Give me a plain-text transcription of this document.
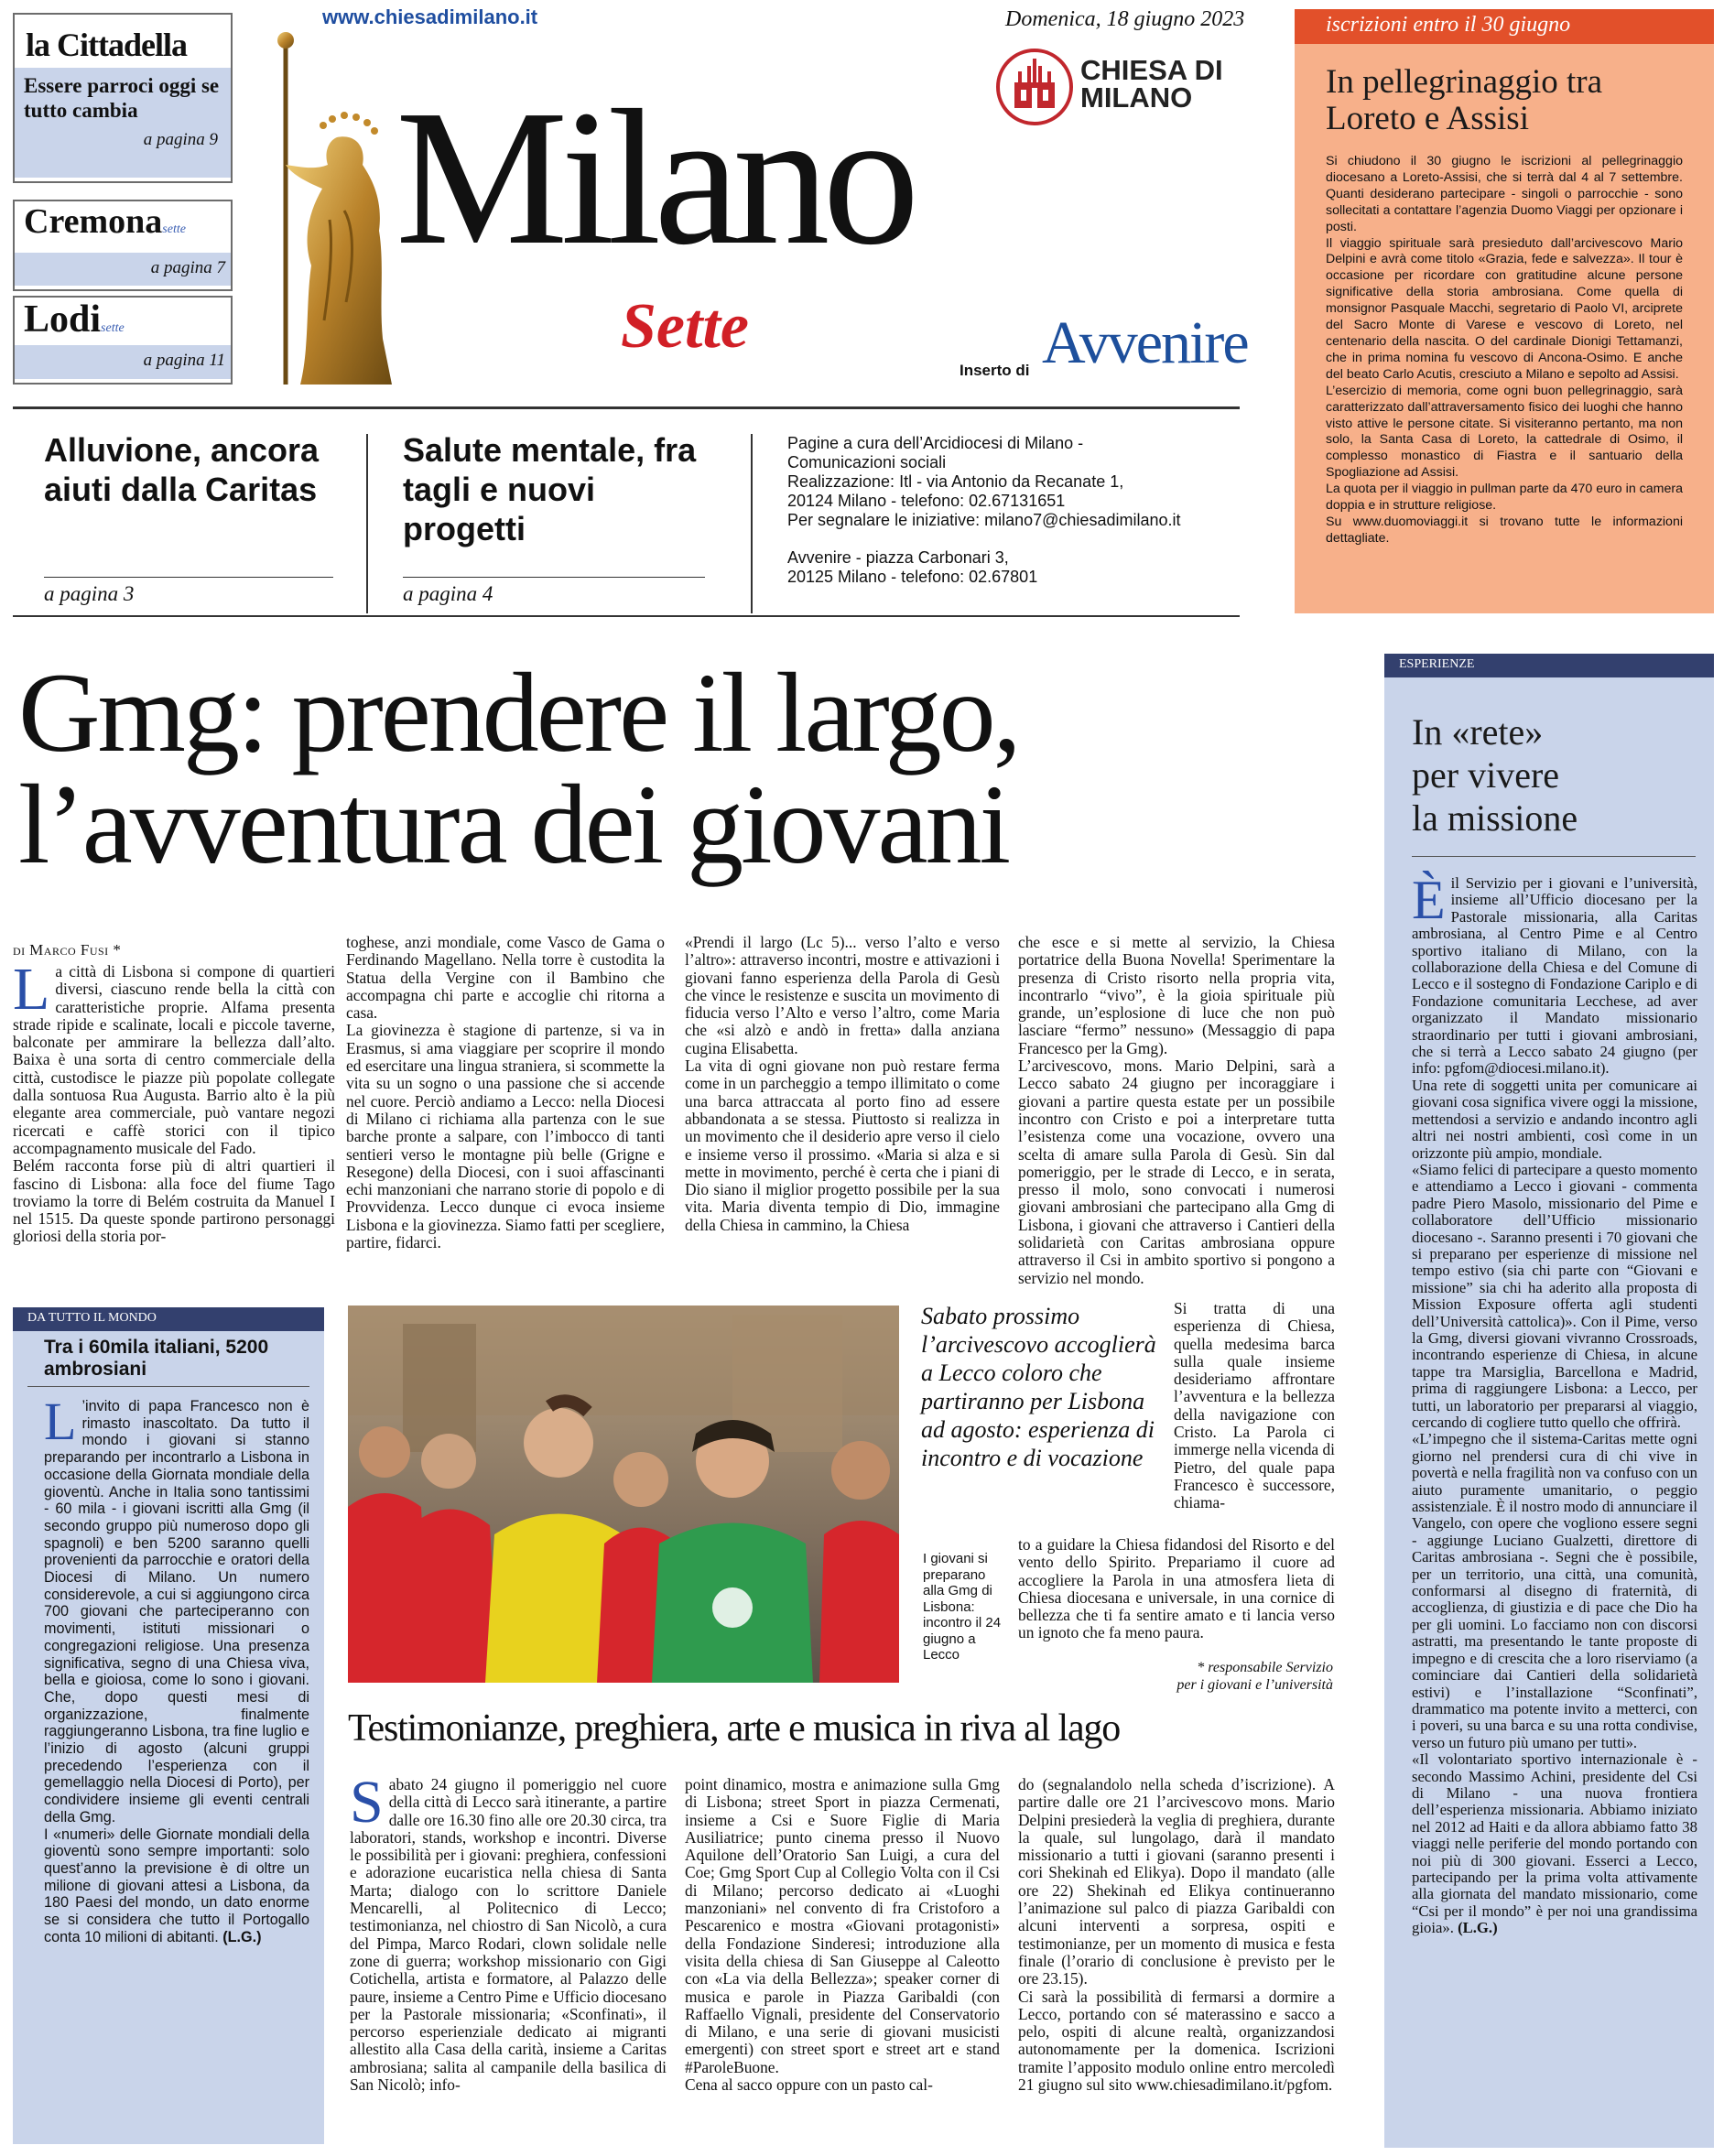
la Cittadella
Essere parroci oggi se tutto cambia
a pagina 9
Cremonasette
a pagina 7
Lodisette
a pagina 11
www.chiesadimilano.it	Domenica, 18 giugno 2023
Milano
Sette
CHIESA DI
MILANO
Inserto di Avvenire
Alluvione, ancora aiuti dalla Caritas
a pagina 3
Salute mentale, fra tagli e nuovi progetti
a pagina 4
Pagine a cura dell’Arcidiocesi di Milano -
Comunicazioni sociali
Realizzazione: Itl - via Antonio da Recanate 1,
20124 Milano - telefono: 02.67131651
Per segnalare le iniziative: milano7@chiesadimilano.it
Avvenire - piazza Carbonari 3,
20125 Milano - telefono: 02.67801
iscrizioni entro il 30 giugno
In pellegrinaggio tra Loreto e Assisi
Si chiudono il 30 giugno le iscrizioni al pellegrinaggio diocesano a Loreto-Assisi, che si terrà dal 4 al 7 settembre. Quanti desiderano partecipare - singoli o parrocchie - sono sollecitati a contattare l’agenzia Duomo Viaggi per opzionare i posti.
Il viaggio spirituale sarà presieduto dall’arcivescovo Mario Delpini e avrà come titolo «Grazia, fede e salvezza». Il tour è occasione per ricordare con gratitudine alcune persone significative della storia ambrosiana. Come quella di monsignor Pasquale Macchi, segretario di Paolo VI, arciprete del Sacro Monte di Varese e vescovo di Loreto, nel centenario della nascita. O del cardinale Dionigi Tettamanzi, che in prima nomina fu vescovo di Ancona-Osimo. E anche del beato Carlo Acutis, cresciuto a Milano e sepolto ad Assisi.
L’esercizio di memoria, come ogni buon pellegrinaggio, sarà caratterizzato dall’attraversamento fisico dei luoghi che hanno visto attive le persone citate. Si visiteranno pertanto, ma non solo, la Santa Casa di Loreto, la cattedrale di Osimo, il complesso monastico di Fiastra e il santuario della Spogliazione ad Assisi.
La quota per il viaggio in pullman parte da 470 euro in camera doppia e in strutture religiose.
Su www.duomoviaggi.it si trovano tutte le informazioni dettagliate.
Gmg: prendere il largo,
l’avventura dei giovani
DI Marco Fusi *
La città di Lisbona si compone di quartieri diversi, ciascuno rende bella la città con caratteristiche proprie. Alfama presenta strade ripide e scalinate, locali e piccole taverne, balconate per ammirare la bellezza dall’alto. Baixa è una sorta di centro commerciale della città, custodisce le piazze più popolate collegate dalla sontuosa Rua Augusta. Barrio alto è la più elegante area commerciale, può vantare negozi ricercati e caffè storici con il tipico accompagnamento musicale del Fado.
Belém racconta forse più di altri quartieri il fascino di Lisbona: alla foce del fiume Tago troviamo la torre di Belém costruita da Manuel I nel 1515. Da queste sponde partirono personaggi gloriosi della storia por-
toghese, anzi mondiale, come Vasco de Gama o Ferdinando Magellano. Nella torre è custodita la Statua della Vergine con il Bambino che accompagna chi parte e accoglie chi ritorna a casa.
La giovinezza è stagione di partenze, si va in Erasmus, si ama viaggiare per scoprire il mondo ed esercitare una lingua straniera, si scommette la vita su un sogno o una passione che si accende nel cuore. Perciò andiamo a Lecco: nella Diocesi di Milano ci richiama alla partenza con le sue barche pronte a salpare, con l’imbocco di tanti sentieri verso le montagne più belle (Grigne e Resegone) della Diocesi, con i suoi affascinanti echi manzoniani che narrano storie di popolo e di Provvidenza. Lecco dunque ci evoca insieme Lisbona e la giovinezza. Siamo fatti per scegliere, partire, fidarci.
«Prendi il largo (Lc 5)... verso l’alto e verso l’altro»: attraverso incontri, mostre e attivazioni i giovani fanno esperienza della Parola di Gesù che vince le resistenze e suscita un movimento di fiducia verso l’Alto e verso l’altro, come Maria che «si alzò e andò in fretta» dalla anziana cugina Elisabetta.
La vita di ogni giovane non può restare ferma come in un parcheggio a tempo illimitato o come una barca attraccata al porto fino ad essere abbandonata a se stessa. Piuttosto si realizza in un movimento che il desiderio apre verso il cielo e insieme verso il prossimo. «Maria si alza e si mette in movimento, perché è certa che i piani di Dio siano il miglior progetto possibile per la sua vita. Maria diventa tempio di Dio, immagine della Chiesa in cammino, la Chiesa
che esce e si mette al servizio, la Chiesa portatrice della Buona Novella! Sperimentare la presenza di Cristo risorto nella propria vita, incontrarlo “vivo”, è la gioia spirituale più grande, un’esplosione di luce che non può lasciare “fermo” nessuno» (Messaggio di papa Francesco per la Gmg).
L’arcivescovo, mons. Mario Delpini, sarà a Lecco sabato 24 giugno per incoraggiare i giovani a partire questa estate per un possibile incontro con Cristo e poi a interpretare tutta l’esistenza come una vocazione, ovvero una scelta di amare sulla Parola di Gesù. Sin dal pomeriggio, per le strade di Lecco, e in serata, presso il molo, sono convocati i numerosi giovani ambrosiani che partecipano alla Gmg di Lisbona, i giovani che attraverso i Cantieri della solidarietà con Caritas ambrosiana oppure attraverso il Csi in ambito sportivo si pongono a servizio nel mondo.
Si tratta di una esperienza di Chiesa, quella medesima barca sulla quale insieme desideriamo affrontare l’avventura e la bellezza della navigazione con Cristo. La Parola ci immerge nella vicenda di Pietro, del quale papa Francesco è successore, chiama-
to a guidare la Chiesa fidandosi del Risorto e del vento dello Spirito. Prepariamo il cuore ad accogliere la Parola in una atmosfera lieta di Chiesa diocesana e universale, in una cornice di bellezza che ti fa sentire amato e ti lancia verso un ignoto che fa meno paura.
Sabato prossimo l’arcivescovo accoglierà a Lecco coloro che partiranno per Lisbona ad agosto: esperienza di incontro e di vocazione
I giovani si preparano alla Gmg di Lisbona: incontro il 24 giugno a Lecco
* responsabile Servizio
per i giovani e l’università
DA TUTTO IL MONDO
Tra i 60mila italiani, 5200 ambrosiani
L ’invito di papa Francesco non è rimasto inascoltato. Da tutto il mondo i giovani si stanno preparando per incontrarlo a Lisbona in occasione della Giornata mondiale della gioventù. Anche in Italia sono tantissimi - 60 mila - i giovani iscritti alla Gmg (il secondo gruppo più numeroso dopo gli spagnoli) e ben 5200 saranno quelli provenienti da parrocchie e oratori della Diocesi di Milano. Un numero considerevole, a cui si aggiungono circa 700 giovani che parteciperanno con movimenti, istituti missionari o congregazioni religiose. Una presenza significativa, segno di una Chiesa viva, bella e gioiosa, come lo sono i giovani. Che, dopo questi mesi di organizzazione, finalmente raggiungeranno Lisbona, tra fine luglio e l’inizio di agosto (alcuni gruppi precedendo l’esperienza con il gemellaggio nella Diocesi di Porto), per condividere insieme gli eventi centrali della Gmg.
I «numeri» delle Giornate mondiali della gioventù sono sempre importanti: solo quest’anno la previsione è di oltre un milione di giovani attesi a Lisbona, da 180 Paesi del mondo, un dato enorme se si considera che tutto il Portogallo conta 10 milioni di abitanti. (L.G.)
Testimonianze, preghiera, arte e musica in riva al lago
Sabato 24 giugno il pomeriggio nel cuore della città di Lecco sarà itinerante, a partire dalle ore 16.30 fino alle ore 20.30 circa, tra laboratori, stands, workshop e incontri. Diverse le possibilità per i giovani: preghiera, confessioni e adorazione eucaristica nella chiesa di Santa Marta; dialogo con lo scrittore Daniele Mencarelli, al Politecnico di Lecco; testimonianza, nel chiostro di San Nicolò, a cura del Pimpa, Marco Rodari, clown solidale nelle zone di guerra; workshop missionario con Gigi Cotichella, artista e formatore, al Palazzo delle paure, insieme a Centro Pime e Ufficio diocesano per la Pastorale missionaria; «Sconfinati», il percorso esperienziale dedicato ai migranti allestito alla Casa della carità, insieme a Caritas ambrosiana; salita al campanile della basilica di San Nicolò; info-
point dinamico, mostra e animazione sulla Gmg di Lisbona; street Sport in piazza Cermenati, insieme a Csi e Suore Figlie di Maria Ausiliatrice; punto cinema presso il Nuovo Aquilone dell’Oratorio San Luigi, a cura del Coe; Gmg Sport Cup al Collegio Volta con il Csi di Milano; percorso dedicato ai «Luoghi manzoniani» nel convento di fra Cristoforo a Pescarenico e mostra «Giovani protagonisti» della Fondazione Sinderesi; introduzione alla visita della chiesa di San Giuseppe al Caleotto con «La via della Bellezza»; speaker corner di musica e parole in Piazza Garibaldi (con Raffaello Vignali, presidente del Conservatorio di Milano, e una serie di giovani musicisti emergenti) con street sport e street art e stand #ParoleBuone.
Cena al sacco oppure con un pasto cal-
do (segnalandolo nella scheda d’iscrizione). A partire dalle ore 21 l’arcivescovo mons. Mario Delpini presiederà la veglia di preghiera, durante la quale, sul lungolago, darà il mandato missionario a tutti i giovani (saranno presenti i cori Shekinah ed Elikya). Dopo il mandato (alle ore 22) Shekinah ed Elikya continueranno l’animazione sul palco di piazza Garibaldi con alcuni interventi a sorpresa, ospiti e testimonianze, per un momento di musica e festa finale (l’orario di conclusione è previsto per le ore 23.15).
Ci sarà la possibilità di fermarsi a dormire a Lecco, portando con sé materassino e sacco a pelo, ospiti di alcune realtà, organizzandosi autonomamente per la domenica. Iscrizioni tramite l’apposito modulo online entro mercoledì 21 giugno sul sito www.chiesadimilano.it/pgfom.
ESPERIENZE
In «rete»
per vivere
la missione
Èil Servizio per i giovani e l’università, insieme all’Ufficio diocesano per la Pastorale missionaria, alla Caritas ambrosiana, al Centro Pime e al Centro sportivo italiano di Milano, con la collaborazione della Chiesa e del Comune di Lecco e il sostegno di Fondazione Cariplo e di Fondazione comunitaria Lecchese, ad aver organizzato il Mandato missionario straordinario per tutti i giovani ambrosiani, che si terrà a Lecco sabato 24 giugno (per info: pgfom@diocesi.milano.it).
Una rete di soggetti unita per comunicare ai giovani cosa significa vivere oggi la missione, mettendosi a servizio e andando incontro agli altri nei nostri ambienti, così come in un orizzonte più ampio, mondiale.
«Siamo felici di partecipare a questo momento e attendiamo a Lecco i giovani - commenta padre Piero Masolo, missionario del Pime e collaboratore dell’Ufficio missionario diocesano -. Saranno presenti i 70 giovani che si preparano per esperienze di missione nel tempo estivo (sia chi parte con “Giovani e missione” sia chi ha aderito alla proposta di Mission Exposure offerta agli studenti dell’Università cattolica)». Con il Pime, verso la Gmg, diversi giovani vivranno Crossroads, incontrando esperienze di Chiesa, in alcune tappe tra Marsiglia, Barcellona e Madrid, prima di raggiungere Lisbona: a Lecco, per tutti, un laboratorio per prepararsi al viaggio, cercando di cogliere tutto quello che offrirà.
«L’impegno che il sistema-Caritas mette ogni giorno nel prendersi cura di chi vive in povertà e nella fragilità non va confuso con un aiuto puramente umanitario, o peggio assistenziale. È il nostro modo di annunciare il Vangelo, con opere che vogliono essere segni - aggiunge Luciano Gualzetti, direttore di Caritas ambrosiana -. Segni che è possibile, per un territorio, una città, una comunità, conformarsi al disegno di fraternità, di accoglienza, di giustizia e di pace che Dio ha per gli uomini. Lo facciamo non con discorsi astratti, ma presentando le tante proposte di impegno e di crescita che a loro riserviamo (a cominciare dai Cantieri della solidarietà estivi) e l’installazione “Sconfinati”, drammatico ma potente invito a metterci, con i poveri, su una barca e su una rotta condivise, verso un futuro più umano per tutti».
«Il volontariato sportivo internazionale è - secondo Massimo Achini, presidente del Csi di Milano - una nuova frontiera dell’esperienza missionaria. Abbiamo iniziato nel 2012 ad Haiti e da allora abbiamo fatto 38 viaggi nelle periferie del mondo portando con noi più di 300 giovani. Esserci a Lecco, partecipando per la prima volta attivamente alla giornata del mandato missionario, come “Csi per il mondo” è per noi una grandissima gioia». (L.G.)
